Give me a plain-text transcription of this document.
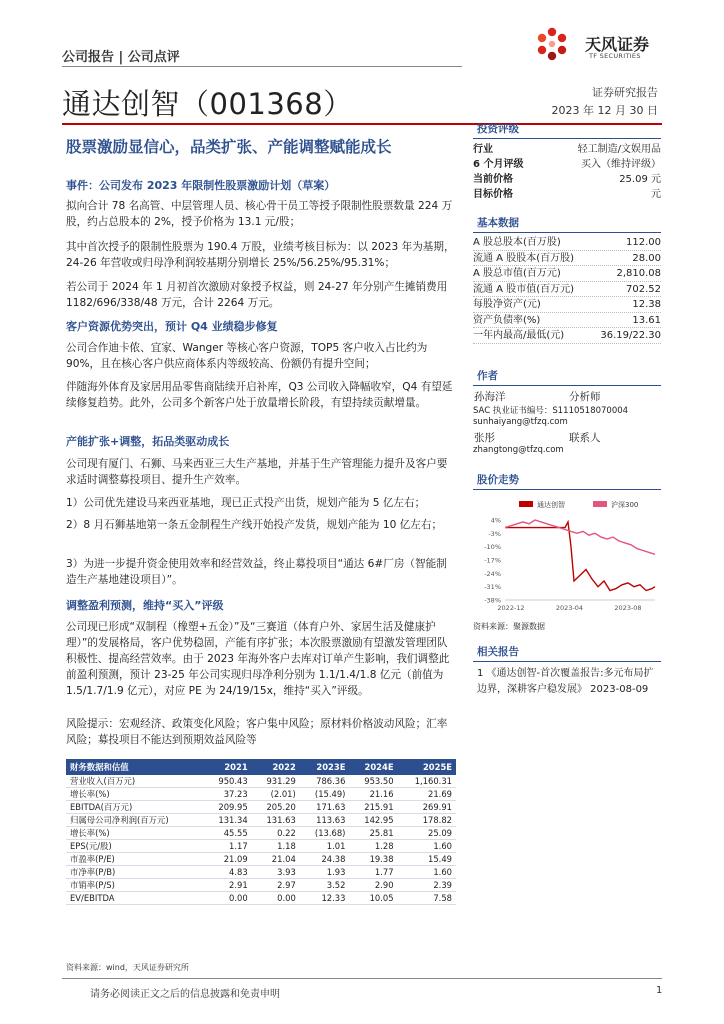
公司报告 | 公司点评
天风证券
TF SECURITIES
通达创智（001368）	证券研究报告
2023 年 12 月 30 日
股票激励显信心，品类扩张、产能调整赋能成长
事件：公司发布 2023 年限制性股票激励计划（草案）
拟向合计 78 名高管、中层管理人员、核心骨干员工等授予限制性股票数量 224 万股，约占总股本的 2%，授予价格为 13.1 元/股；
其中首次授予的限制性股票为 190.4 万股，业绩考核目标为：以 2023 年为基期，24-26 年营收或归母净利润较基期分别增长 25%/56.25%/95.31%；
若公司于 2024 年 1 月初首次激励对象授予权益，则 24-27 年分别产生摊销费用 1182/696/338/48 万元，合计 2264 万元。
客户资源优势突出，预计 Q4 业绩稳步修复
公司合作迪卡侬、宜家、Wanger 等核心客户资源，TOP5 客户收入占比约为 90%，且在核心客户供应商体系内等级较高、份额仍有提升空间；
伴随海外体育及家居用品零售商陆续开启补库，Q3 公司收入降幅收窄，Q4 有望延续修复趋势。此外，公司多个新客户处于放量增长阶段，有望持续贡献增量。
产能扩张+调整，拓品类驱动成长
公司现有厦门、石狮、马来西亚三大生产基地，并基于生产管理能力提升及客户要求适时调整募投项目、提升生产效率。
1）公司优先建设马来西亚基地，现已正式投产出货，规划产能为 5 亿左右；
2）8 月石狮基地第一条五金制程生产线开始投产发货，规划产能为 10 亿左右；
3）为进一步提升资金使用效率和经营效益，终止募投项目“通达 6#厂房（智能制造生产基地建设项目）”。
调整盈利预测，维持“买入”评级
公司现已形成“双制程（橡塑+五金）”及“三赛道（体育户外、家居生活及健康护理）”的发展格局，客户优势稳固，产能有序扩张；本次股票激励有望激发管理团队积极性、提高经营效率。由于 2023 年海外客户去库对订单产生影响，我们调整此前盈利预测，预计 23-25 年公司实现归母净利分别为 1.1/1.4/1.8 亿元（前值为 1.5/1.7/1.9 亿元），对应 PE 为 24/19/15x，维持“买入”评级。
风险提示：宏观经济、政策变化风险；客户集中风险；原材料价格波动风险；汇率风险；募投项目不能达到预期效益风险等
投资评级
行业	轻工制造/文娱用品
6 个月评级	买入（维持评级）
当前价格	25.09 元
目标价格	元
基本数据
A 股总股本(百万股)	112.00
流通 A 股股本(百万股)	28.00
A 股总市值(百万元)	2,810.08
流通 A 股市值(百万元)	702.52
每股净资产(元)	12.38
资产负债率(%)	13.61
一年内最高/最低(元)	36.19/22.30
作者
孙海洋	分析师
SAC 执业证书编号：S1110518070004
sunhaiyang@tfzq.com
张彤	联系人
zhangtong@tfzq.com
股价走势
通达创智	沪深300
4%
-3%
-10%
-17%
-24%
-31%
-38%
2022-12	2023-04	2023-08
资料来源：聚源数据
相关报告
1 《通达创智-首次覆盖报告:多元布局扩边界，深耕客户稳发展》 2023-08-09
财务数据和估值	2021	2022	2023E	2024E	2025E
营业收入(百万元)	950.43	931.29	786.36	953.50	1,160.31
增长率(%)	37.23	(2.01)	(15.49)	21.16	21.69
EBITDA(百万元)	209.95	205.20	171.63	215.91	269.91
归属母公司净利润(百万元)	131.34	131.63	113.63	142.95	178.82
增长率(%)	45.55	0.22	(13.68)	25.81	25.09
EPS(元/股)	1.17	1.18	1.01	1.28	1.60
市盈率(P/E)	21.09	21.04	24.38	19.38	15.49
市净率(P/B)	4.83	3.93	1.93	1.77	1.60
市销率(P/S)	2.91	2.97	3.52	2.90	2.39
EV/EBITDA	0.00	0.00	12.33	10.05	7.58
资料来源：wind，天风证券研究所
请务必阅读正文之后的信息披露和免责申明	1
